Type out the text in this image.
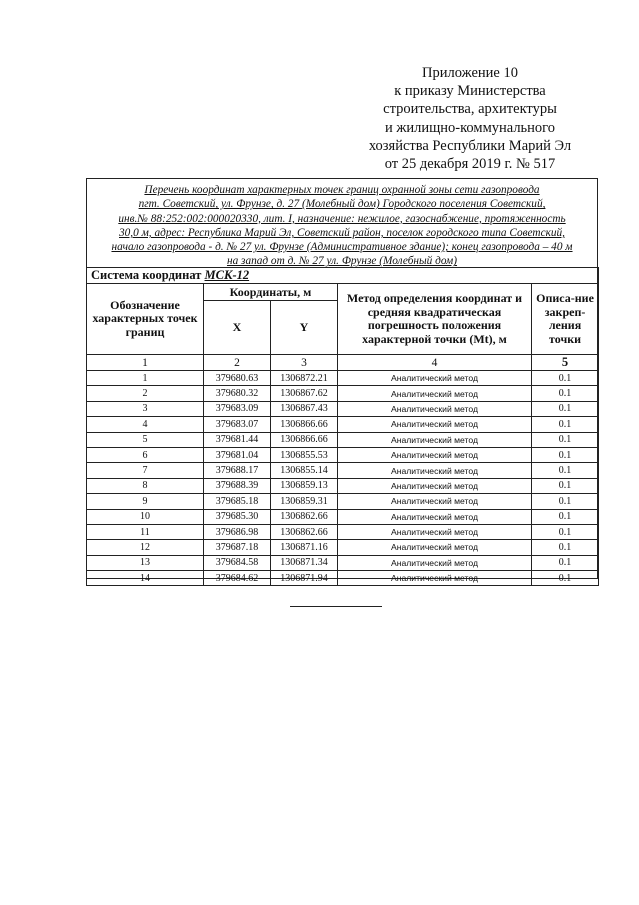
Приложение 10
к приказу Министерства
строительства, архитектуры
и жилищно-коммунального
хозяйства Республики Марий Эл
от 25 декабря 2019 г. № 517
Перечень координат характерных точек границ охранной зоны сети газопровода
пгт. Советский, ул. Фрунзе, д. 27 (Молебный дом) Городского поселения Советский,
инв.№ 88:252:002:000020330, лит. I, назначение: нежилое, газоснабжение, протяженность
30,0 м, адрес: Республика Марий Эл, Советский район, поселок городского типа Советский,
начало газопровода - д. № 27 ул. Фрунзе (Административное здание); конец газопровода – 40 м
на запад от д. № 27 ул. Фрунзе (Молебный дом)
Система координат МСК-12				
Обозначение характерных точек границ	Координаты, м		Метод определения координат и средняя квадратическая погрешность положения характерной точки (Mt), м	Описа-ние закреп-ления точки
	X	Y		
1	2	3	4	5
1	379680.63	1306872.21	Аналитический метод	0.1
2	379680.32	1306867.62	Аналитический метод	0.1
3	379683.09	1306867.43	Аналитический метод	0.1
4	379683.07	1306866.66	Аналитический метод	0.1
5	379681.44	1306866.66	Аналитический метод	0.1
6	379681.04	1306855.53	Аналитический метод	0.1
7	379688.17	1306855.14	Аналитический метод	0.1
8	379688.39	1306859.13	Аналитический метод	0.1
9	379685.18	1306859.31	Аналитический метод	0.1
10	379685.30	1306862.66	Аналитический метод	0.1
11	379686.98	1306862.66	Аналитический метод	0.1
12	379687.18	1306871.16	Аналитический метод	0.1
13	379684.58	1306871.34	Аналитический метод	0.1
14	379684.62	1306871.94	Аналитический метод	0.1
